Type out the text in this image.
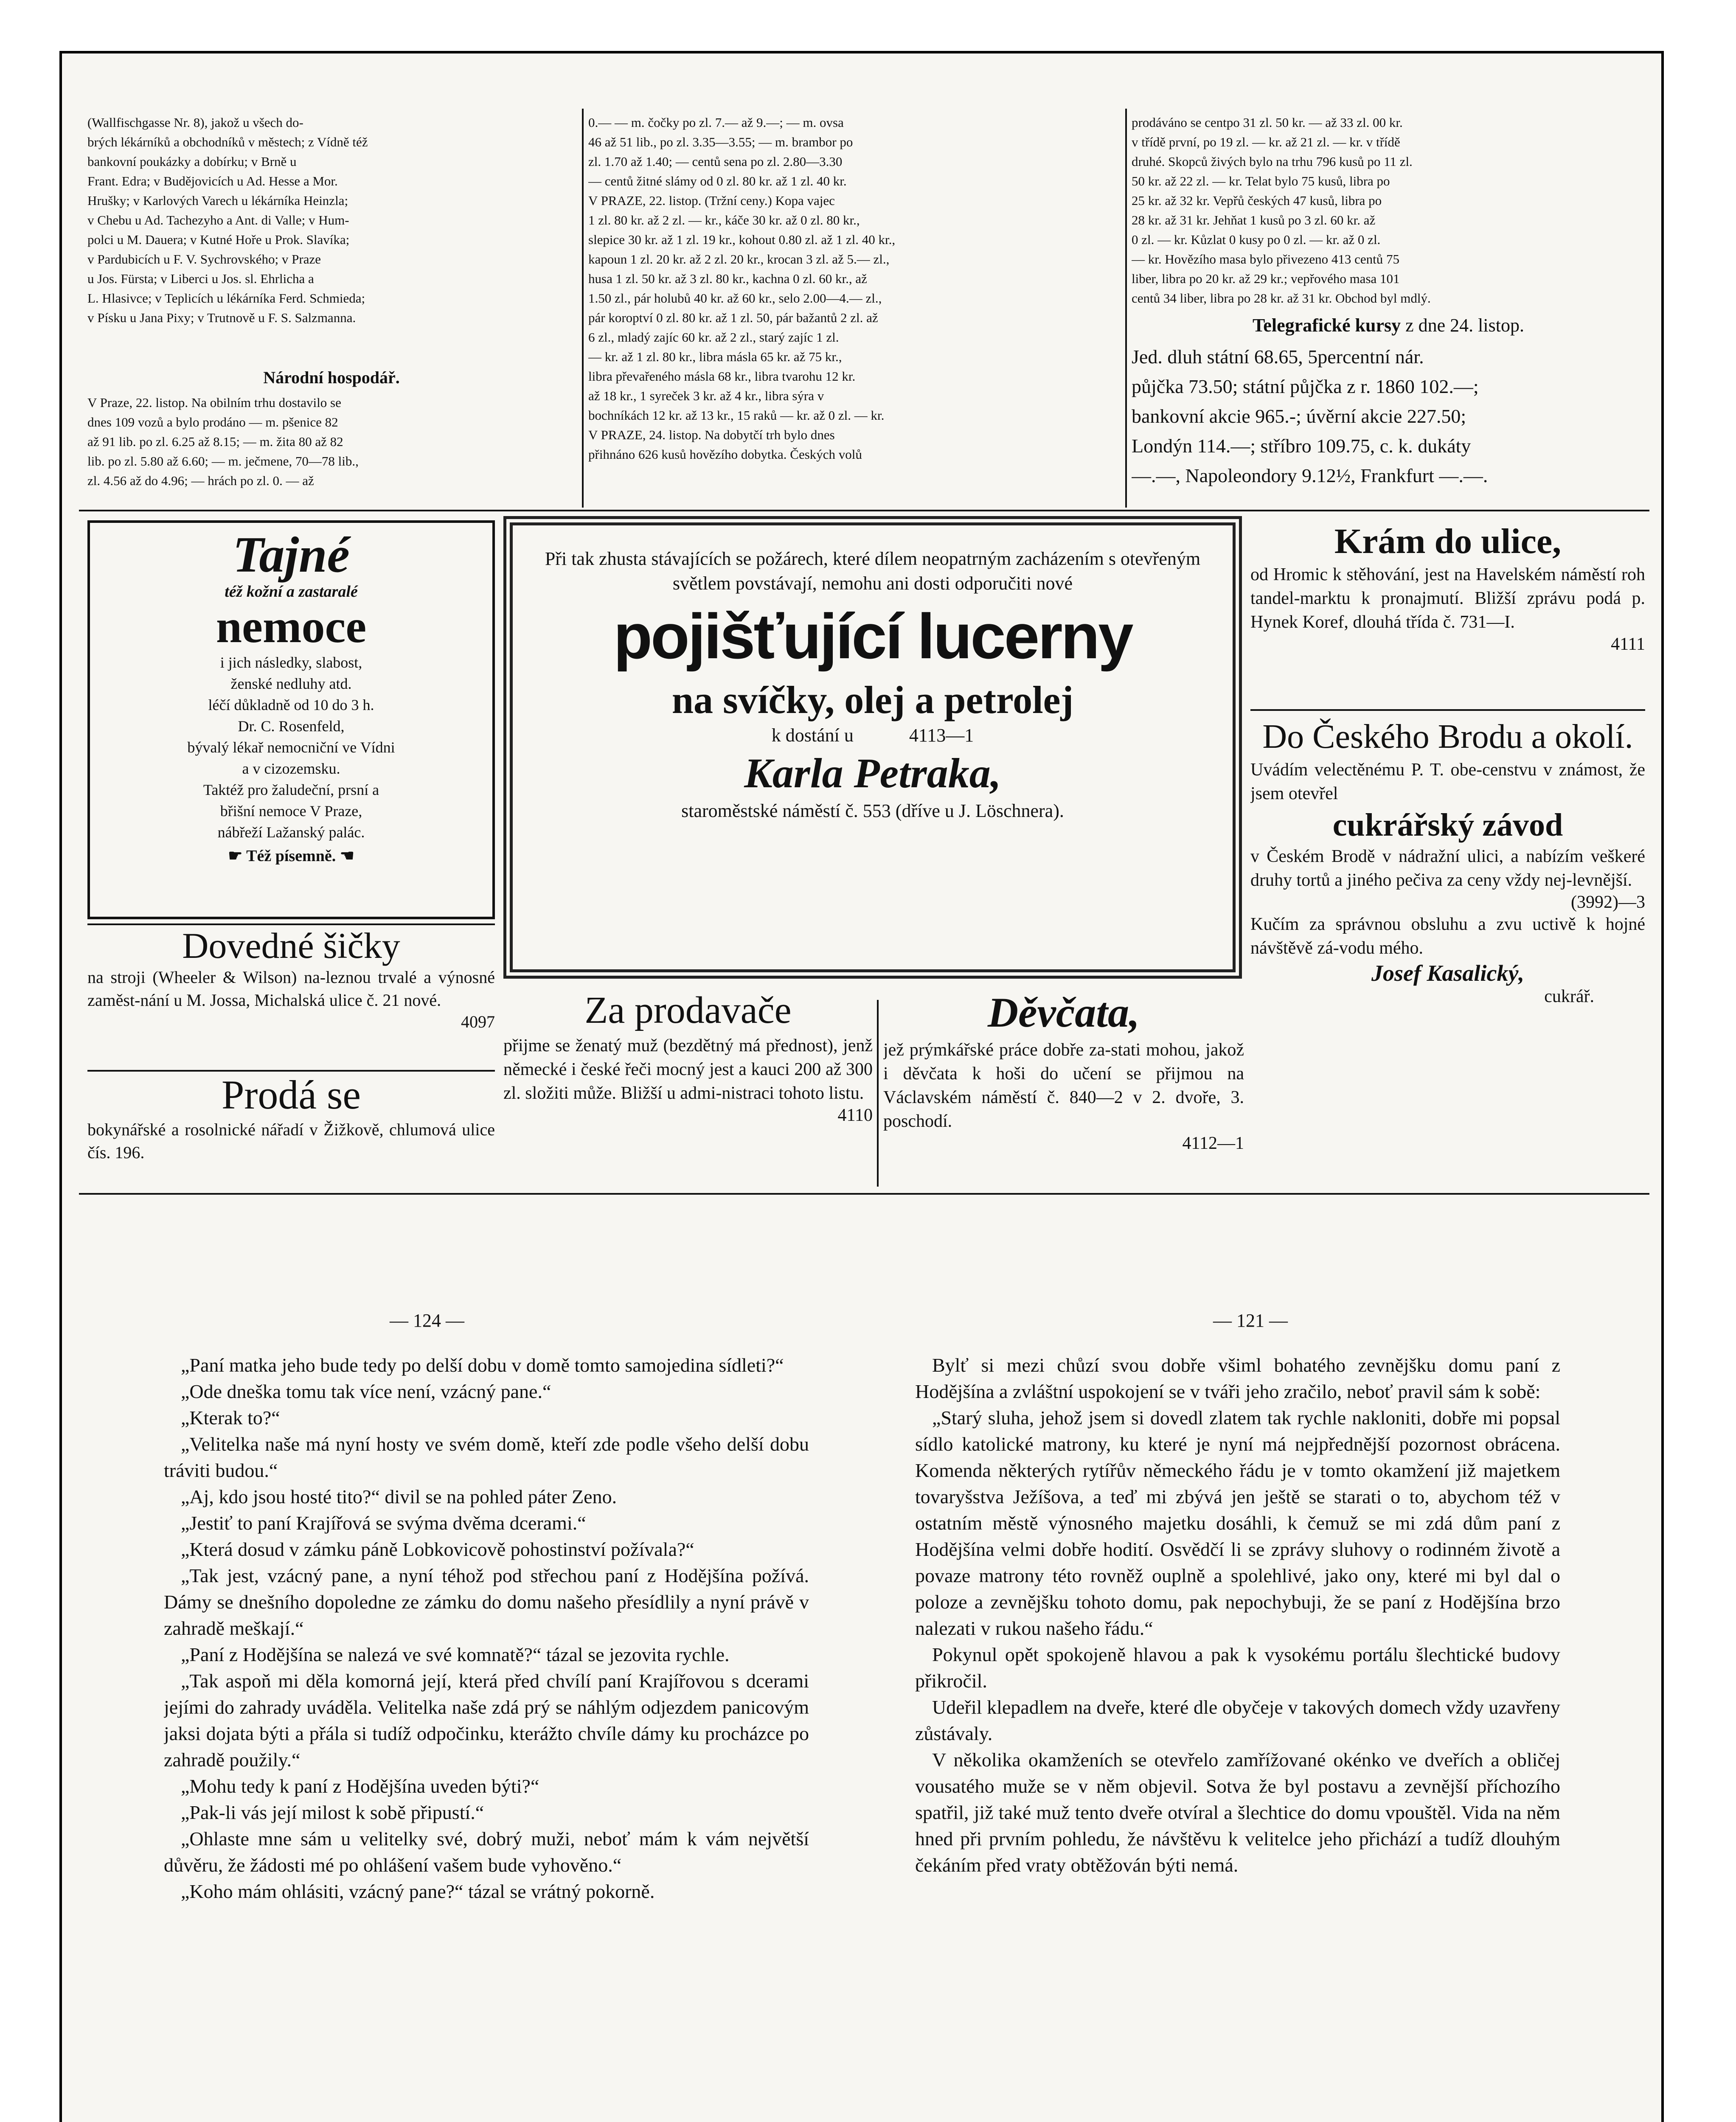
(Wallfischgasse Nr. 8), jakož u všech do-
brých lékárníků a obchodníků v městech; z Vídně též
bankovní poukázky a dobírku; v Brně u
Frant. Edra; v Budějovicích u Ad. Hesse a Mor.
Hrušky; v Karlových Varech u lékárníka Heinzla;
v Chebu u Ad. Tachezyho a Ant. di Valle; v Hum-
polci u M. Dauera; v Kutné Hoře u Prok. Slavíka;
v Pardubicích u F. V. Sychrovského; v Praze
u Jos. Fürsta; v Liberci u Jos. sl. Ehrlicha a
L. Hlasivce; v Teplicích u lékárníka Ferd. Schmieda;
v Písku u Jana Pixy; v Trutnově u F. S. Salzmanna.
Národní hospodář.
V Praze, 22. listop. Na obilním trhu dostavilo se
dnes 109 vozů a bylo prodáno — m. pšenice 82
až 91 lib. po zl. 6.25 až 8.15; — m. žita 80 až 82
lib. po zl. 5.80 až 6.60; — m. ječmene, 70—78 lib.,
zl. 4.56 až do 4.96; — hrách po zl. 0. — až
0.— — m. čočky po zl. 7.— až 9.—; — m. ovsa
46 až 51 lib., po zl. 3.35—3.55; — m. brambor po
zl. 1.70 až 1.40; — centů sena po zl. 2.80—3.30
— centů žitné slámy od 0 zl. 80 kr. až 1 zl. 40 kr.
V PRAZE, 22. listop. (Tržní ceny.) Kopa vajec
1 zl. 80 kr. až 2 zl. — kr., káče 30 kr. až 0 zl. 80 kr.,
slepice 30 kr. až 1 zl. 19 kr., kohout 0.80 zl. až 1 zl. 40 kr.,
kapoun 1 zl. 20 kr. až 2 zl. 20 kr., krocan 3 zl. až 5.— zl.,
husa 1 zl. 50 kr. až 3 zl. 80 kr., kachna 0 zl. 60 kr., až
1.50 zl., pár holubů 40 kr. až 60 kr., selo 2.00—4.— zl.,
pár koroptví 0 zl. 80 kr. až 1 zl. 50, pár bažantů 2 zl. až
6 zl., mladý zajíc 60 kr. až 2 zl., starý zajíc 1 zl.
— kr. až 1 zl. 80 kr., libra másla 65 kr. až 75 kr.,
libra převařeného másla 68 kr., libra tvarohu 12 kr.
až 18 kr., 1 syreček 3 kr. až 4 kr., libra sýra v
bochníkách 12 kr. až 13 kr., 15 raků — kr. až 0 zl. — kr.
V PRAZE, 24. listop. Na dobytčí trh bylo dnes
přihnáno 626 kusů hovězího dobytka. Českých volů
prodáváno se centpo 31 zl. 50 kr. — až 33 zl. 00 kr.
v třídě první, po 19 zl. — kr. až 21 zl. — kr. v třídě
druhé. Skopců živých bylo na trhu 796 kusů po 11 zl.
50 kr. až 22 zl. — kr. Telat bylo 75 kusů, libra po
25 kr. až 32 kr. Vepřů českých 47 kusů, libra po
28 kr. až 31 kr. Jehňat 1 kusů po 3 zl. 60 kr. až
0 zl. — kr. Kůzlat 0 kusy po 0 zl. — kr. až 0 zl.
— kr. Hovězího masa bylo přivezeno 413 centů 75
liber, libra po 20 kr. až 29 kr.; vepřového masa 101
centů 34 liber, libra po 28 kr. až 31 kr. Obchod byl mdlý.
Telegrafické kursy z dne 24. listop.
Jed. dluh státní 68.65, 5percentní nár.
půjčka 73.50; státní půjčka z r. 1860 102.—;
bankovní akcie 965.-; úvěrní akcie 227.50;
Londýn 114.—; stříbro 109.75, c. k. dukáty
—.—, Napoleondory 9.12½, Frankfurt —.—.
Tajné
též kožní a zastaralé
nemoce
i jich následky, slabost,
ženské nedluhy atd.
léčí důkladně od 10 do 3 h.
Dr. C. Rosenfeld,
bývalý lékař nemocniční ve Vídni
a v cizozemsku.
Taktéž pro žaludeční, prsní a
břišní nemoce V Praze,
nábřeží Lažanský palác.
☛ Též písemně. ☚
Dovedné šičky

na stroji (Wheeler & Wilson) na-leznou trvalé a výnosné zaměst-nání u M. Jossa, Michalská ulice č. 21 nové.

4097

Prodá se

bokynářské a rosolnické nářadí v Žižkově, chlumová ulice čís. 196.

Při tak zhusta stávajících se požárech, které dílem neopatrným zacházením s otevřeným světlem povstávají, nemohu ani dosti odporučiti nové

pojišťující lucerny
na svíčky, olej a petrolej
k dostání u	4113—1
Karla Petraka,

staroměstské náměstí č. 553 (dříve u J. Löschnera).

Krám do ulice,

od Hromic k stěhování, jest na Havelském náměstí roh tandel-marktu k pronajmutí. Bližší zprávu podá p. Hynek Koref, dlouhá třída č. 731—I.

4111

Do Českého Brodu a okolí.

Uvádím velectěnému P. T. obe-censtvu v známost, že jsem otevřel

cukrářský závod

v Českém Brodě v nádražní ulici, a nabízím veškeré druhy tortů a jiného pečiva za ceny vždy nej-levnější.

(3992)—3

Kučím za správnou obsluhu a zvu uctivě k hojné návštěvě zá-vodu mého.

Josef Kasalický,
cukrář.
Za prodavače

přijme se ženatý muž (bezdětný má přednost), jenž německé i české řeči mocný jest a kauci 200 až 300 zl. složiti může. Bližší u admi-nistraci tohoto listu.

4110

Děvčata,

jež prýmkářské práce dobře za-stati mohou, jakož i děvčata k hoši do učení se přijmou na Václavském náměstí č. 840—2 v 2. dvoře, 3. poschodí.

4112—1

— 124 —	— 121 —

„Paní matka jeho bude tedy po delší dobu v domě tomto samojedina sídleti?“

„Ode dneška tomu tak více není, vzácný pane.“

„Kterak to?“

„Velitelka naše má nyní hosty ve svém domě, kteří zde podle všeho delší dobu tráviti budou.“

„Aj, kdo jsou hosté tito?“ divil se na pohled páter Zeno.

„Jestiť to paní Krajířová se svýma dvěma dcerami.“

„Která dosud v zámku páně Lobkovicově pohostinství požívala?“

„Tak jest, vzácný pane, a nyní téhož pod střechou paní z Hodějšína požívá. Dámy se dnešního dopoledne ze zámku do domu našeho přesídlily a nyní právě v zahradě meškají.“

„Paní z Hodějšína se nalezá ve své komnatě?“ tázal se jezovita rychle.

„Tak aspoň mi děla komorná její, která před chvílí paní Krajířovou s dcerami jejími do zahrady uváděla. Velitelka naše zdá prý se náhlým odjezdem panicovým jaksi dojata býti a přála si tudíž odpočinku, kterážto chvíle dámy ku procházce po zahradě použily.“

„Mohu tedy k paní z Hodějšína uveden býti?“

„Pak-li vás její milost k sobě připustí.“

„Ohlaste mne sám u velitelky své, dobrý muži, neboť mám k vám největší důvěru, že žádosti mé po ohlášení vašem bude vyhověno.“

„Koho mám ohlásiti, vzácný pane?“ tázal se vrátný pokorně.

Bylť si mezi chůzí svou dobře všiml bohatého zevnějšku domu paní z Hodějšína a zvláštní uspokojení se v tváři jeho zračilo, neboť pravil sám k sobě:

„Starý sluha, jehož jsem si dovedl zlatem tak rychle nakloniti, dobře mi popsal sídlo katolické matrony, ku které je nyní má nejpřednější pozornost obrácena. Komenda některých rytířův německého řádu je v tomto okamžení již majetkem tovaryšstva Ježíšova, a teď mi zbývá jen ještě se starati o to, abychom též v ostatním městě výnosného majetku dosáhli, k čemuž se mi zdá dům paní z Hodějšína velmi dobře hodití. Osvědčí li se zprávy sluhovy o rodinném životě a povaze matrony této rovněž ouplně a spolehlivé, jako ony, které mi byl dal o poloze a zevnějšku tohoto domu, pak nepochybuji, že se paní z Hodějšína brzo nalezati v rukou našeho řádu.“

Pokynul opět spokojeně hlavou a pak k vysokému portálu šlechtické budovy přikročil.

Udeřil klepadlem na dveře, které dle obyčeje v takových domech vždy uzavřeny zůstávaly.

V několika okamženích se otevřelo zamřížované okénko ve dveřích a obličej vousatého muže se v něm objevil. Sotva že byl postavu a zevnější příchozího spatřil, již také muž tento dveře otvíral a šlechtice do domu vpouštěl. Vida na něm hned při prvním pohledu, že návštěvu k velitelce jeho přichází a tudíž dlouhým čekáním před vraty obtěžován býti nemá.
